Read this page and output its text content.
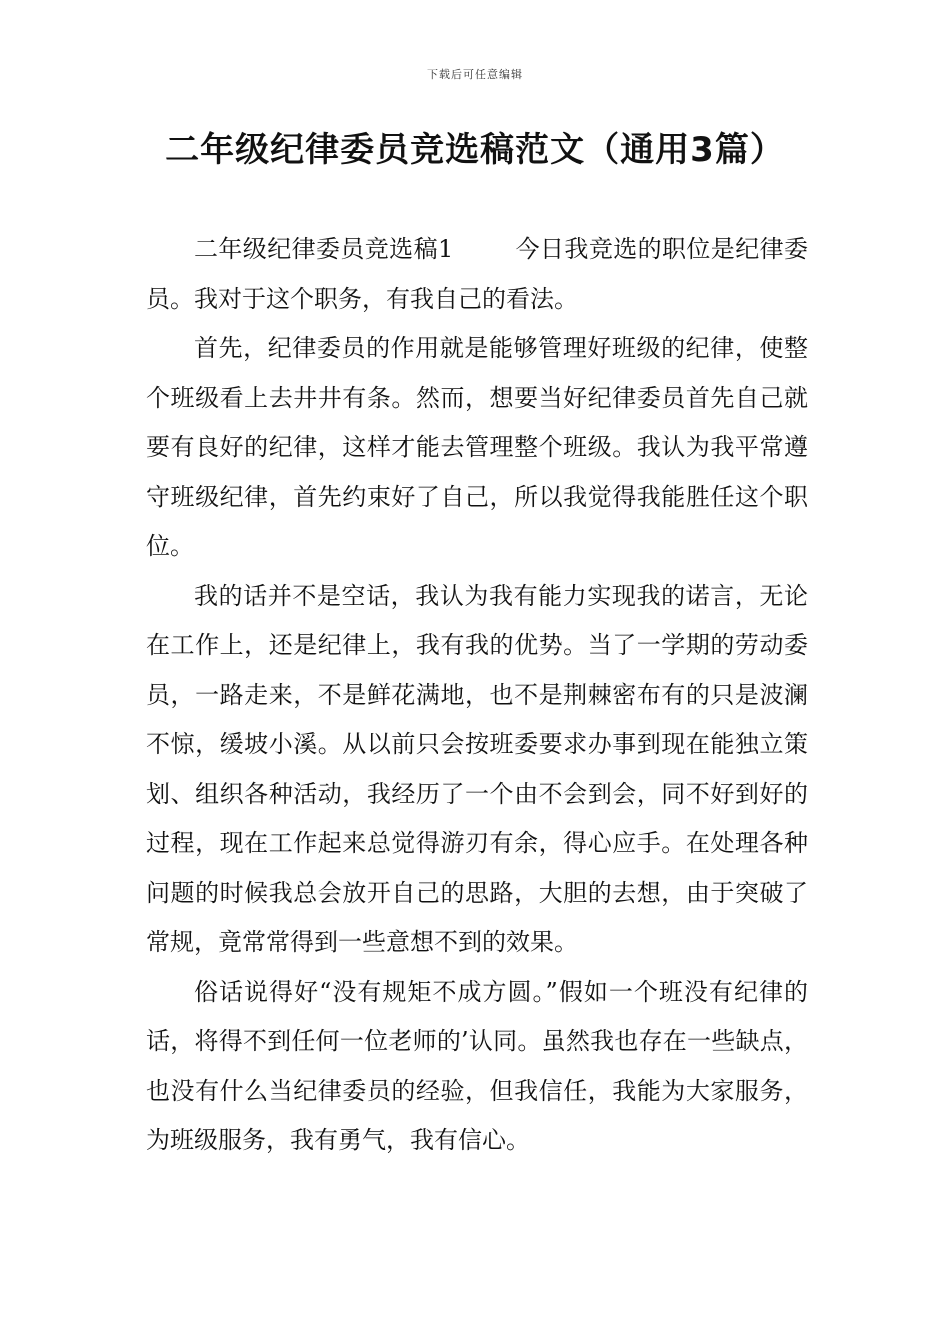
下载后可任意编辑
二年级纪律委员竞选稿范文（通用3篇）

二年级纪律委员竞选稿1	今日我竞选的职位是纪律委员。我对于这个职务，有我自己的看法。

首先，纪律委员的作用就是能够管理好班级的纪律，使整个班级看上去井井有条。然而，想要当好纪律委员首先自己就要有良好的纪律，这样才能去管理整个班级。我认为我平常遵守班级纪律，首先约束好了自己，所以我觉得我能胜任这个职位。

我的话并不是空话，我认为我有能力实现我的诺言，无论在工作上，还是纪律上，我有我的优势。当了一学期的劳动委员，一路走来，不是鲜花满地，也不是荆棘密布有的只是波澜不惊，缓坡小溪。从以前只会按班委要求办事到现在能独立策划、组织各种活动，我经历了一个由不会到会，同不好到好的过程，现在工作起来总觉得游刃有余，得心应手。在处理各种问题的时候我总会放开自己的思路，大胆的去想，由于突破了常规，竟常常得到一些意想不到的效果。

俗话说得好“没有规矩不成方圆。”假如一个班没有纪律的话，将得不到任何一位老师的’认同。虽然我也存在一些缺点，也没有什么当纪律委员的经验，但我信任，我能为大家服务，为班级服务，我有勇气，我有信心。
